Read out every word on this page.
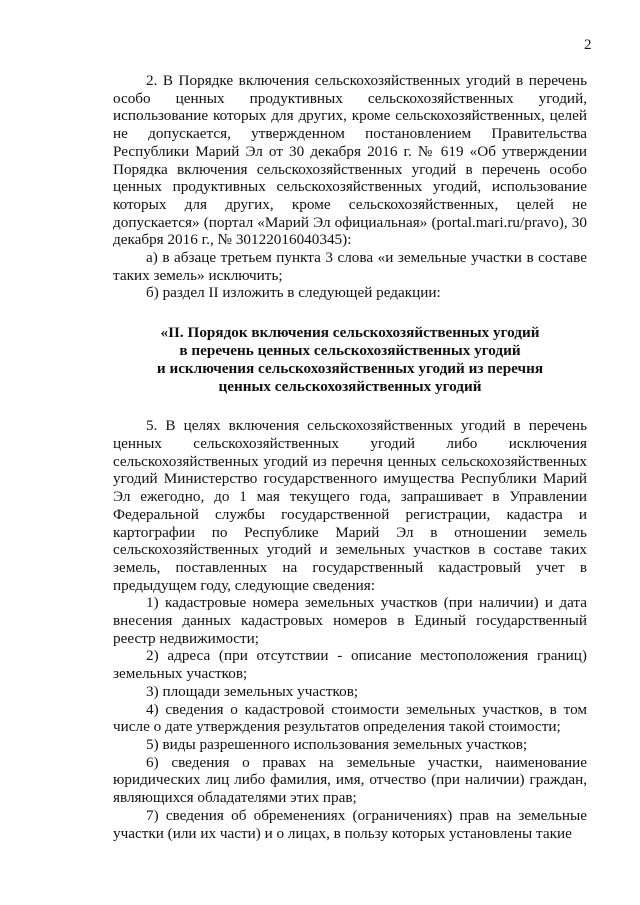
2

2. В Порядке включения сельскохозяйственных угодий в перечень особо ценных продуктивных сельскохозяйственных угодий, использование которых для других, кроме сельскохозяйственных, целей не допускается, утвержденном постановлением Правительства Республики Марий Эл от 30 декабря 2016 г. № 619 «Об утверждении Порядка включения сельскохозяйственных угодий в перечень особо ценных продуктивных сельскохозяйственных угодий, использование которых для других, кроме сельскохозяйственных, целей не допускается» (портал «Марий Эл официальная» (portal.mari.ru/pravo), 30 декабря 2016 г., № 30122016040345):

а) в абзаце третьем пункта 3 слова «и земельные участки в составе таких земель» исключить;

б) раздел II изложить в следующей редакции:

«II. Порядок включения сельскохозяйственных угодий
в перечень ценных сельскохозяйственных угодий
и исключения сельскохозяйственных угодий из перечня
ценных сельскохозяйственных угодий

5. В целях включения сельскохозяйственных угодий в перечень ценных сельскохозяйственных угодий либо исключения сельскохозяйственных угодий из перечня ценных сельскохозяйственных угодий Министерство государственного имущества Республики Марий Эл ежегодно, до 1 мая текущего года, запрашивает в Управлении Федеральной службы государственной регистрации, кадастра и картографии по Республике Марий Эл в отношении земель сельскохозяйственных угодий и земельных участков в составе таких земель, поставленных на государственный кадастровый учет в предыдущем году, следующие сведения:

1) кадастровые номера земельных участков (при наличии) и дата внесения данных кадастровых номеров в Единый государственный реестр недвижимости;

2) адреса (при отсутствии - описание местоположения границ) земельных участков;

3) площади земельных участков;

4) сведения о кадастровой стоимости земельных участков, в том числе о дате утверждения результатов определения такой стоимости;

5) виды разрешенного использования земельных участков;

6) сведения о правах на земельные участки, наименование юридических лиц либо фамилия, имя, отчество (при наличии) граждан, являющихся обладателями этих прав;

7) сведения об обременениях (ограничениях) прав на земельные участки (или их части) и о лицах, в пользу которых установлены такие
